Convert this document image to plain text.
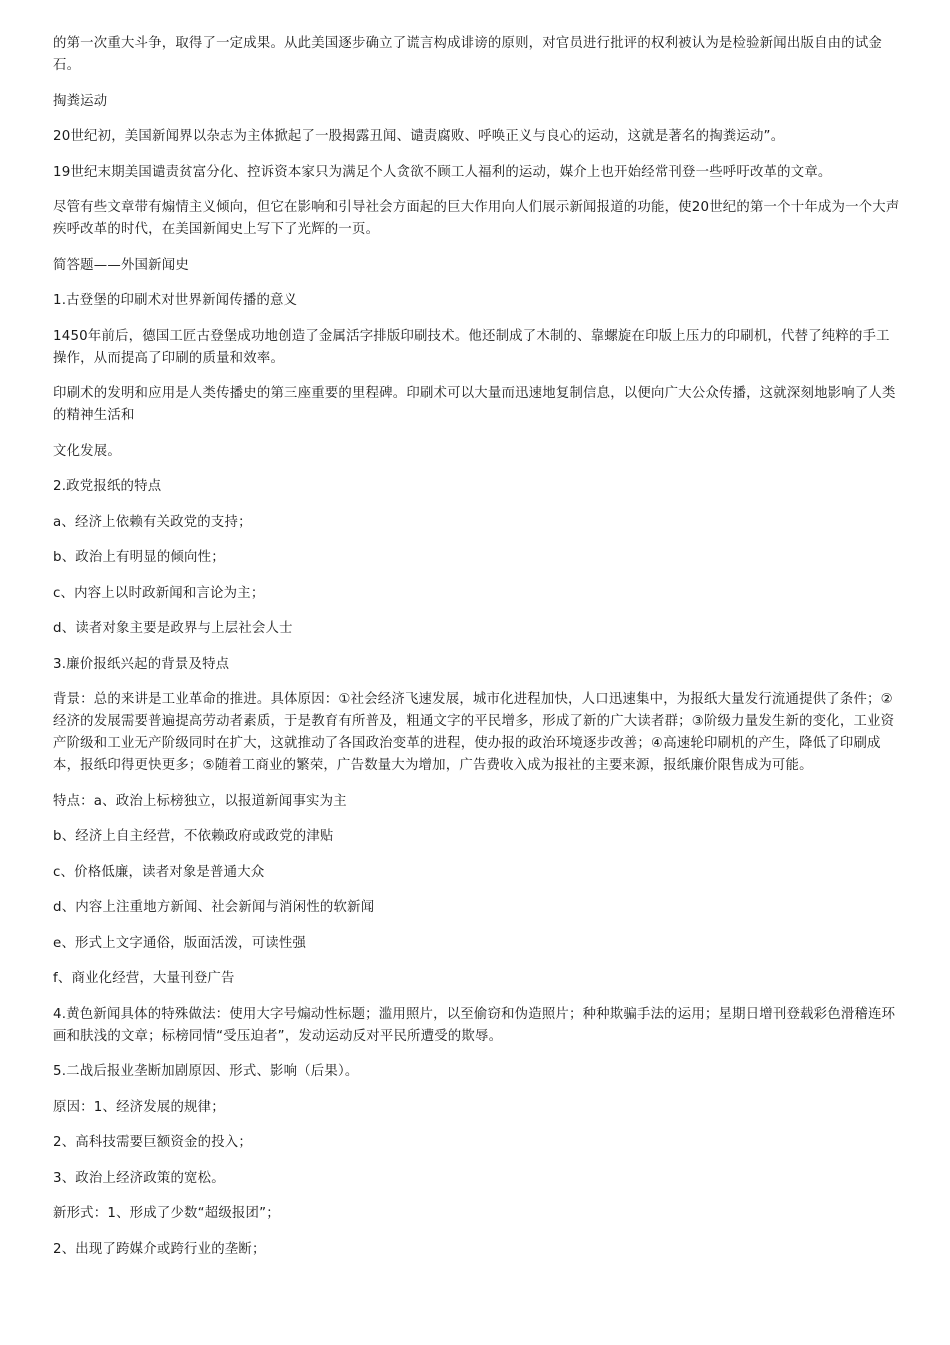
的第一次重大斗争，取得了一定成果。从此美国逐步确立了谎言构成诽谤的原则，对官员进行批评的权利被认为是检验新闻出版自由的试金石。

掏粪运动

20世纪初，美国新闻界以杂志为主体掀起了一股揭露丑闻、谴责腐败、呼唤正义与良心的运动，这就是著名的掏粪运动”。

19世纪末期美国谴责贫富分化、控诉资本家只为满足个人贪欲不顾工人福利的运动，媒介上也开始经常刊登一些呼吁改革的文章。

尽管有些文章带有煽情主义倾向，但它在影响和引导社会方面起的巨大作用向人们展示新闻报道的功能，使20世纪的第一个十年成为一个大声疾呼改革的时代，在美国新闻史上写下了光辉的一页。

简答题——外国新闻史

1.古登堡的印刷术对世界新闻传播的意义

1450年前后，德国工匠古登堡成功地创造了金属活字排版印刷技术。他还制成了木制的、靠螺旋在印版上压力的印刷机，代替了纯粹的手工操作，从而提高了印刷的质量和效率。

印刷术的发明和应用是人类传播史的第三座重要的里程碑。印刷术可以大量而迅速地复制信息，以便向广大公众传播，这就深刻地影响了人类的精神生活和

文化发展。

2.政党报纸的特点

a、经济上依赖有关政党的支持；

b、政治上有明显的倾向性；

c、内容上以时政新闻和言论为主；

d、读者对象主要是政界与上层社会人士

3.廉价报纸兴起的背景及特点

背景：总的来讲是工业革命的推进。具体原因：①社会经济飞速发展，城市化进程加快，人口迅速集中，为报纸大量发行流通提供了条件；②经济的发展需要普遍提高劳动者素质，于是教育有所普及，粗通文字的平民增多，形成了新的广大读者群；③阶级力量发生新的变化，工业资产阶级和工业无产阶级同时在扩大，这就推动了各国政治变革的进程，使办报的政治环境逐步改善；④高速轮印刷机的产生，降低了印刷成本，报纸印得更快更多；⑤随着工商业的繁荣，广告数量大为增加，广告费收入成为报社的主要来源，报纸廉价限售成为可能。

特点：a、政治上标榜独立，以报道新闻事实为主

b、经济上自主经营，不依赖政府或政党的津贴

c、价格低廉，读者对象是普通大众

d、内容上注重地方新闻、社会新闻与消闲性的软新闻

e、形式上文字通俗，版面活泼，可读性强

f、商业化经营，大量刊登广告

4.黄色新闻具体的特殊做法：使用大字号煽动性标题；滥用照片，以至偷窃和伪造照片；种种欺骗手法的运用；星期日增刊登载彩色滑稽连环画和肤浅的文章；标榜同情“受压迫者”，发动运动反对平民所遭受的欺辱。

5.二战后报业垄断加剧原因、形式、影响（后果）。

原因：1、经济发展的规律；

2、高科技需要巨额资金的投入；

3、政治上经济政策的宽松。

新形式：1、形成了少数“超级报团”；

2、出现了跨媒介或跨行业的垄断；
